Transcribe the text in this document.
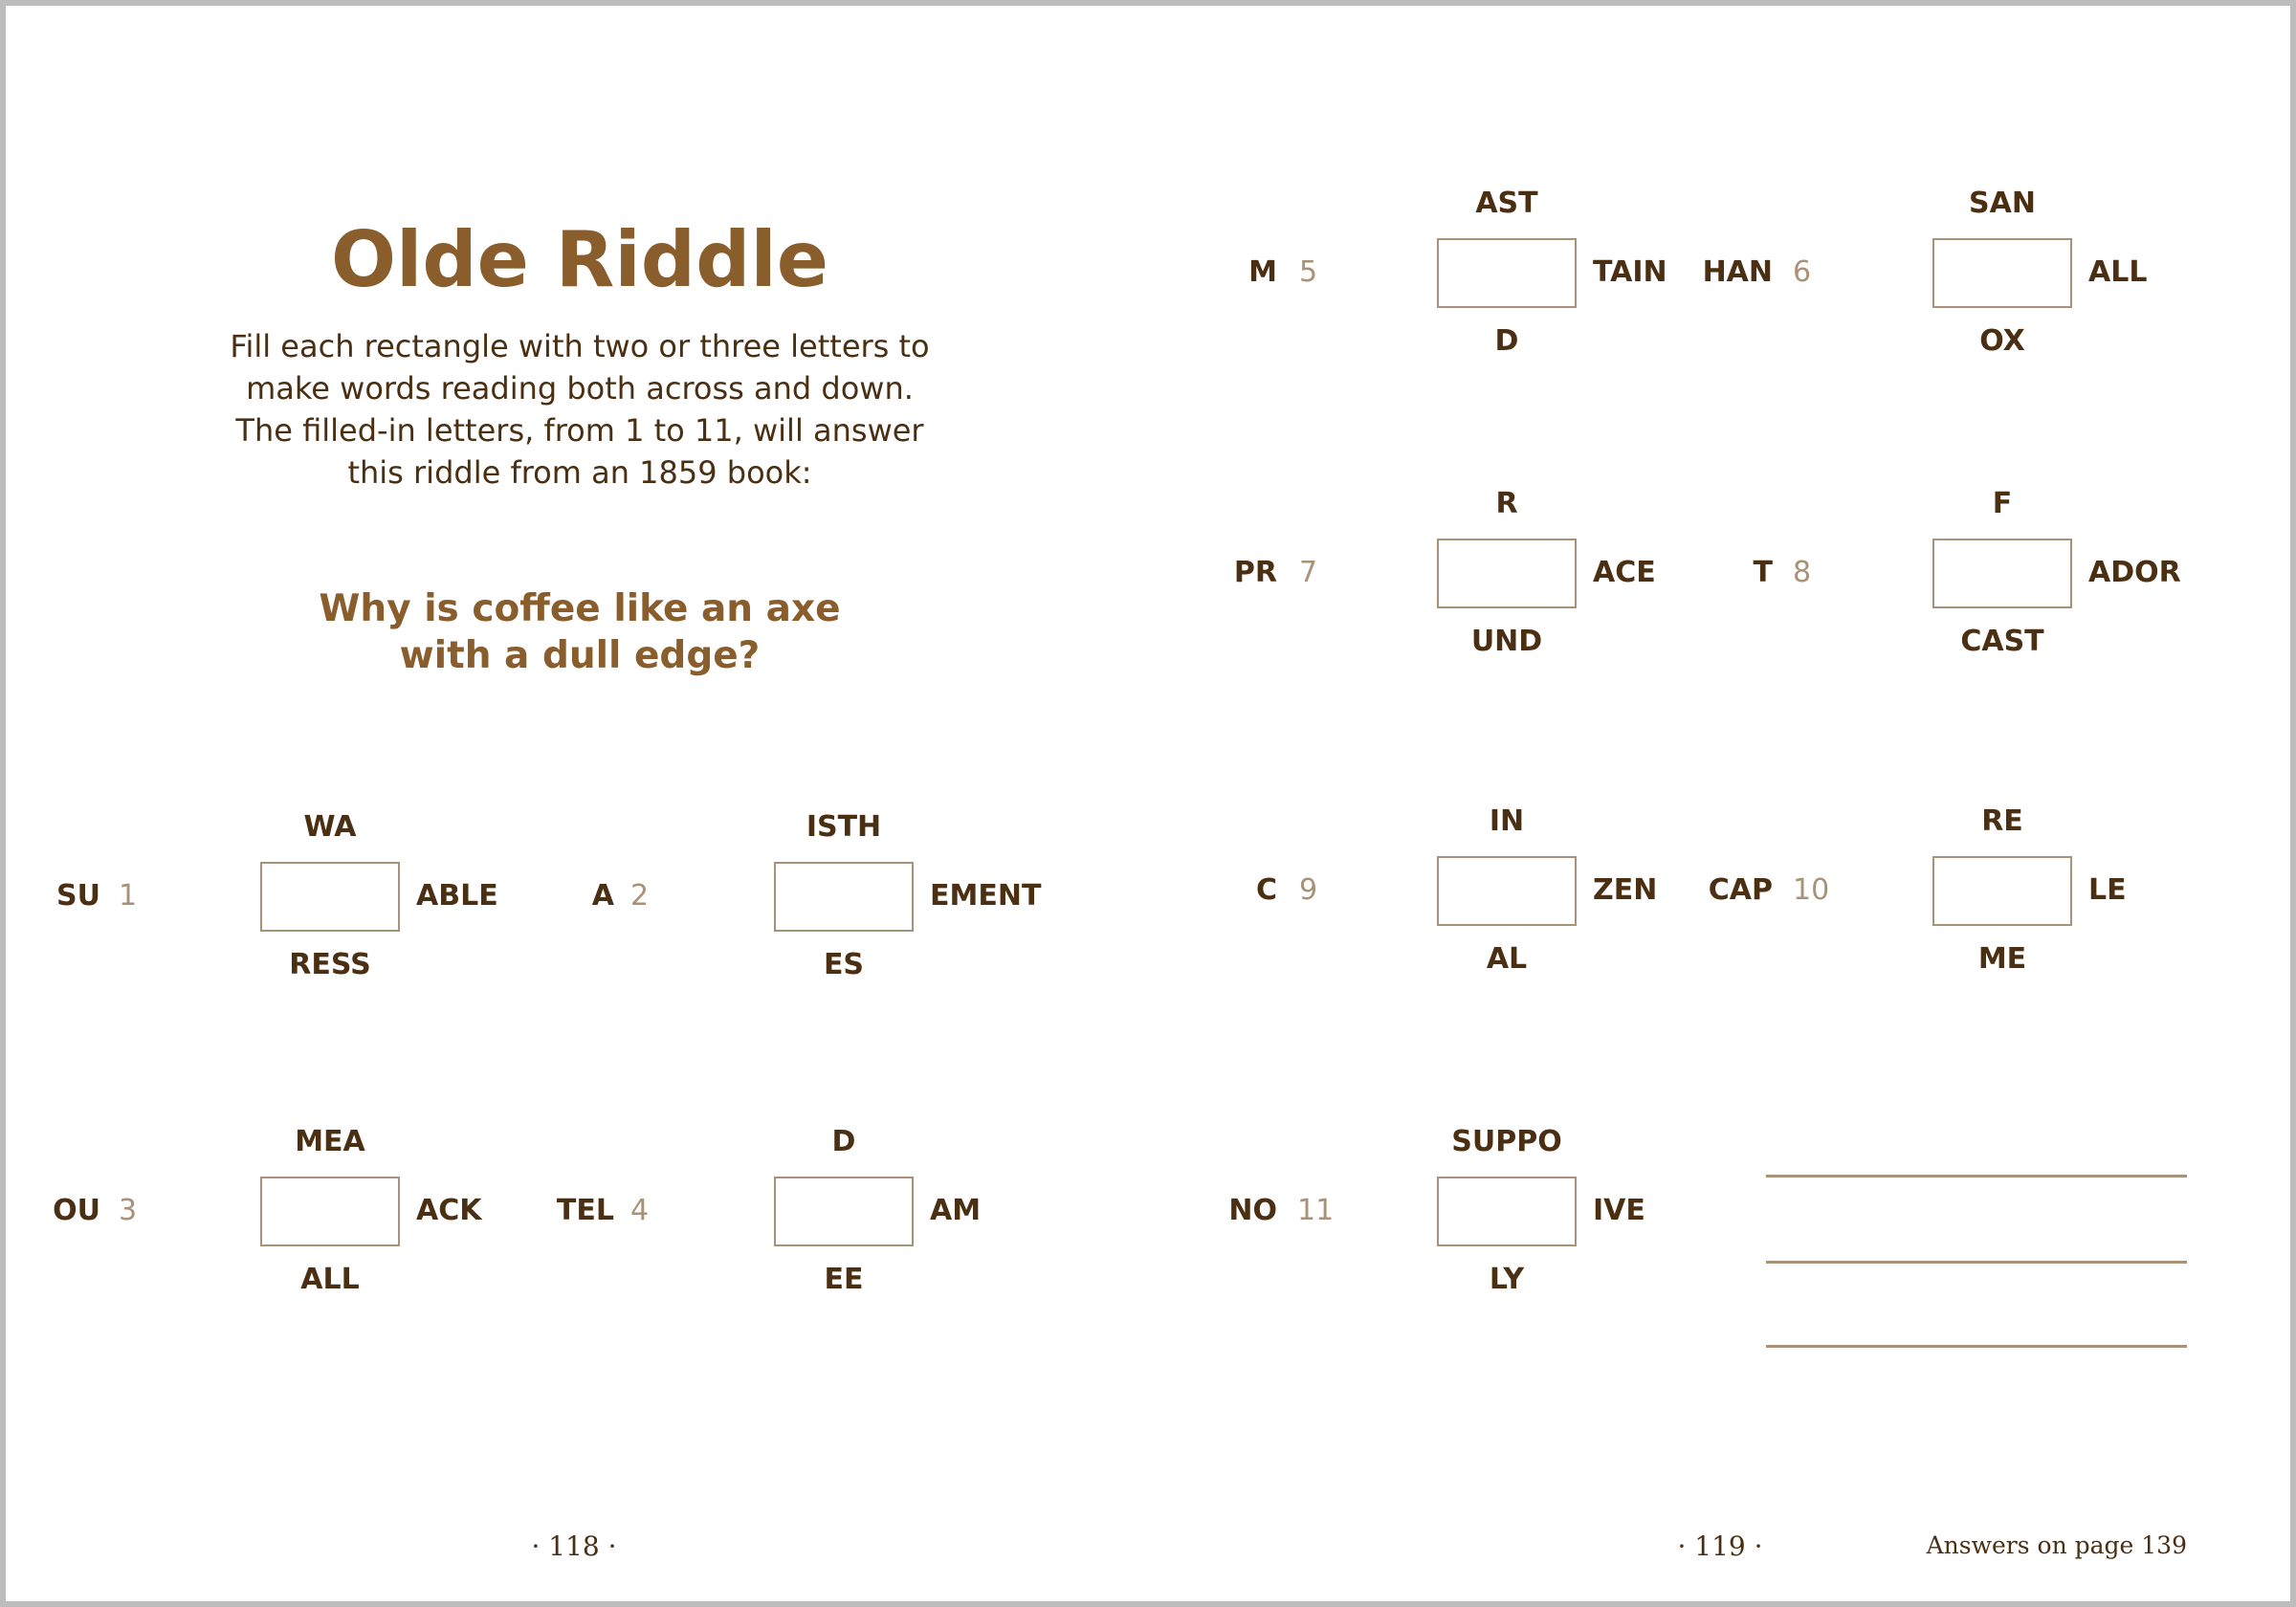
Olde Riddle
Fill each rectangle with two or three letters to
make words reading both across and down.
The filled-in letters, from 1 to 11, will answer
this riddle from an 1859 book:
Why is coffee like an axe
with a dull edge?
1
WA
SU	ABLE
RESS
2
ISTH
A	EMENT
ES
3
MEA
OU	ACK
ALL
4
D
TEL	AM
EE
5
AST
M	TAIN
D
6
SAN
HAN	ALL
OX
7
R
PR	ACE
UND
8
F
T	ADOR
CAST
9
IN
C	ZEN
AL
10
RE
CAP	LE
ME
11
SUPPO
NO	IVE
LY
· 118 ·	· 119 ·	Answers on page 139
